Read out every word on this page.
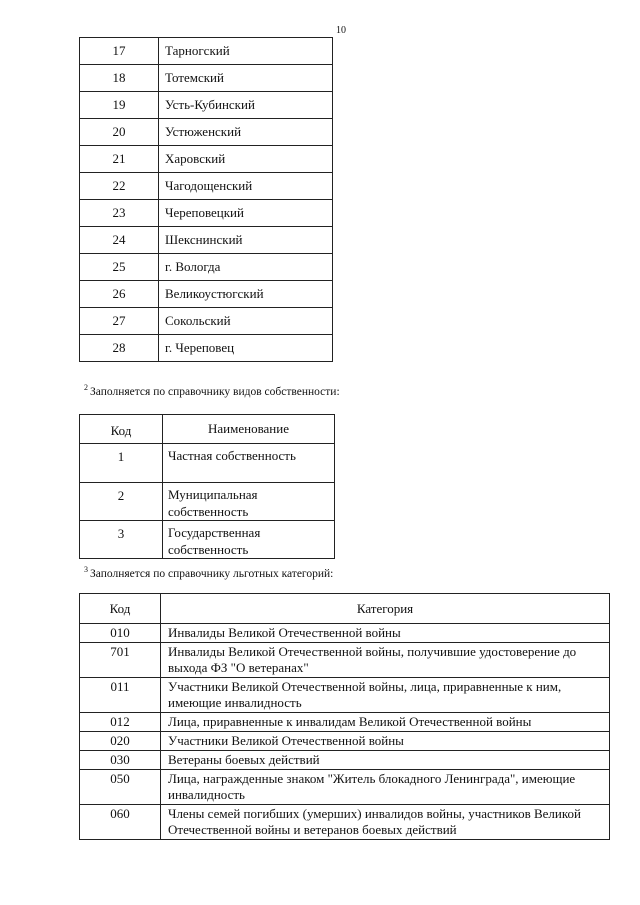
10
17	Тарногский
18	Тотемский
19	Усть-Кубинский
20	Устюженский
21	Харовский
22	Чагодощенский
23	Череповецкий
24	Шекснинский
25	г. Вологда
26	Великоустюгский
27	Сокольский
28	г. Череповец
$^2$ Заполняется по справочнику видов собственности:
Код	Наименование
1	Частная собственность
2	Муниципальная собственность
3	Государственная собственность
$^3$ Заполняется по справочнику льготных категорий:
Код	Категория
010	Инвалиды Великой Отечественной войны
701	Инвалиды Великой Отечественной войны, получившие удостоверение до выхода ФЗ "О ветеранах"
011	Участники Великой Отечественной войны, лица, приравненные к ним, имеющие инвалидность
012	Лица, приравненные к инвалидам Великой Отечественной войны
020	Участники Великой Отечественной войны
030	Ветераны боевых действий
050	Лица, награжденные знаком "Житель блокадного Ленинграда", имеющие инвалидность
060	Члены семей погибших (умерших) инвалидов войны, участников Великой Отечественной войны и ветеранов боевых действий
